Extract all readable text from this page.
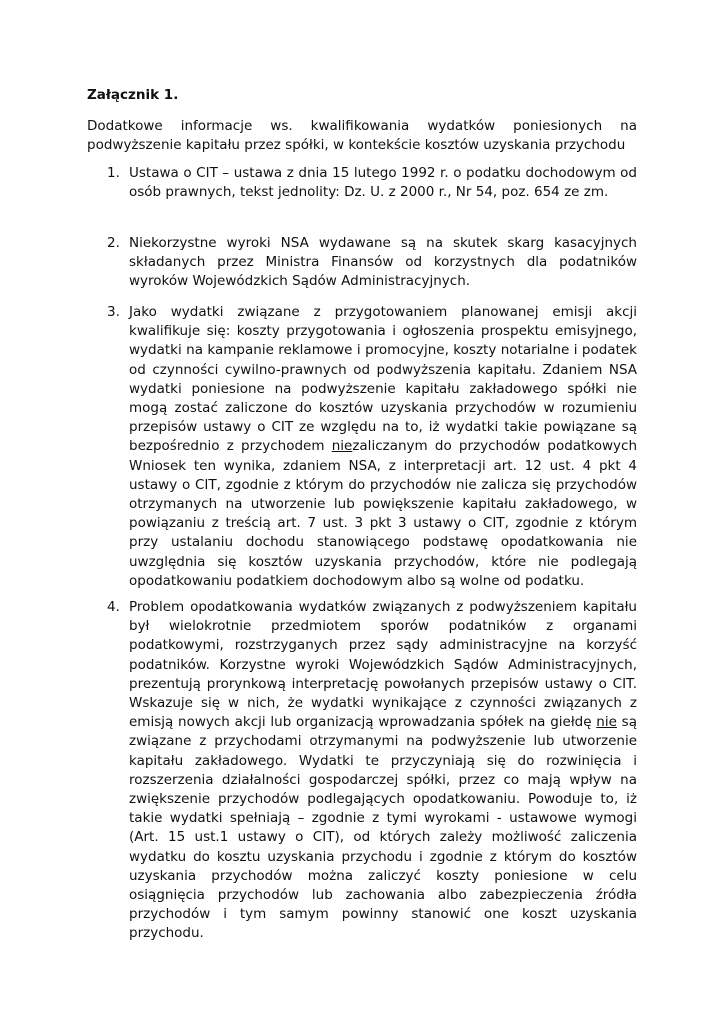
Załącznik 1.

Dodatkowe informacje ws. kwalifikowania wydatków poniesionych na podwyższenie kapitału przez spółki, w kontekście kosztów uzyskania przychodu

1. Ustawa o CIT – ustawa z dnia 15 lutego 1992 r. o podatku dochodowym od osób prawnych, tekst jednolity: Dz. U. z 2000 r., Nr 54, poz. 654 ze zm.
2. Niekorzystne wyroki NSA wydawane są na skutek skarg kasacyjnych składanych przez Ministra Finansów od korzystnych dla podatników wyroków Wojewódzkich Sądów Administracyjnych.
3. Jako wydatki związane z przygotowaniem planowanej emisji akcji kwalifikuje się: koszty przygotowania i ogłoszenia prospektu emisyjnego, wydatki na kampanie reklamowe i promocyjne, koszty notarialne i podatek od czynności cywilno-prawnych od podwyższenia kapitału. Zdaniem NSA wydatki poniesione na podwyższenie kapitału zakładowego spółki nie mogą zostać zaliczone do kosztów uzyskania przychodów w rozumieniu przepisów ustawy o CIT ze względu na to, iż wydatki takie powiązane są bezpośrednio z przychodem niezaliczanym do przychodów podatkowych Wniosek ten wynika, zdaniem NSA, z interpretacji art. 12 ust. 4 pkt 4 ustawy o CIT, zgodnie z którym do przychodów nie zalicza się przychodów otrzymanych na utworzenie lub powiększenie kapitału zakładowego, w powiązaniu z treścią art. 7 ust. 3 pkt 3 ustawy o CIT, zgodnie z którym przy ustalaniu dochodu stanowiącego podstawę opodatkowania nie uwzględnia się kosztów uzyskania przychodów, które nie podlegają opodatkowaniu podatkiem dochodowym albo są wolne od podatku.
4. Problem opodatkowania wydatków związanych z podwyższeniem kapitału był wielokrotnie przedmiotem sporów podatników z organami podatkowymi, rozstrzyganych przez sądy administracyjne na korzyść podatników. Korzystne wyroki Wojewódzkich Sądów Administracyjnych, prezentują prorynkową interpretację powołanych przepisów ustawy o CIT. Wskazuje się w nich, że wydatki wynikające z czynności związanych z emisją nowych akcji lub organizacją wprowadzania spółek na giełdę nie są związane z przychodami otrzymanymi na podwyższenie lub utworzenie kapitału zakładowego. Wydatki te przyczyniają się do rozwinięcia i rozszerzenia działalności gospodarczej spółki, przez co mają wpływ na zwiększenie przychodów podlegających opodatkowaniu. Powoduje to, iż takie wydatki spełniają – zgodnie z tymi wyrokami - ustawowe wymogi (Art. 15 ust.1 ustawy o CIT), od których zależy możliwość zaliczenia wydatku do kosztu uzyskania przychodu i zgodnie z którym do kosztów uzyskania przychodów można zaliczyć koszty poniesione w celu osiągnięcia przychodów lub zachowania albo zabezpieczenia źródła przychodów i tym samym powinny stanowić one koszt uzyskania przychodu.
